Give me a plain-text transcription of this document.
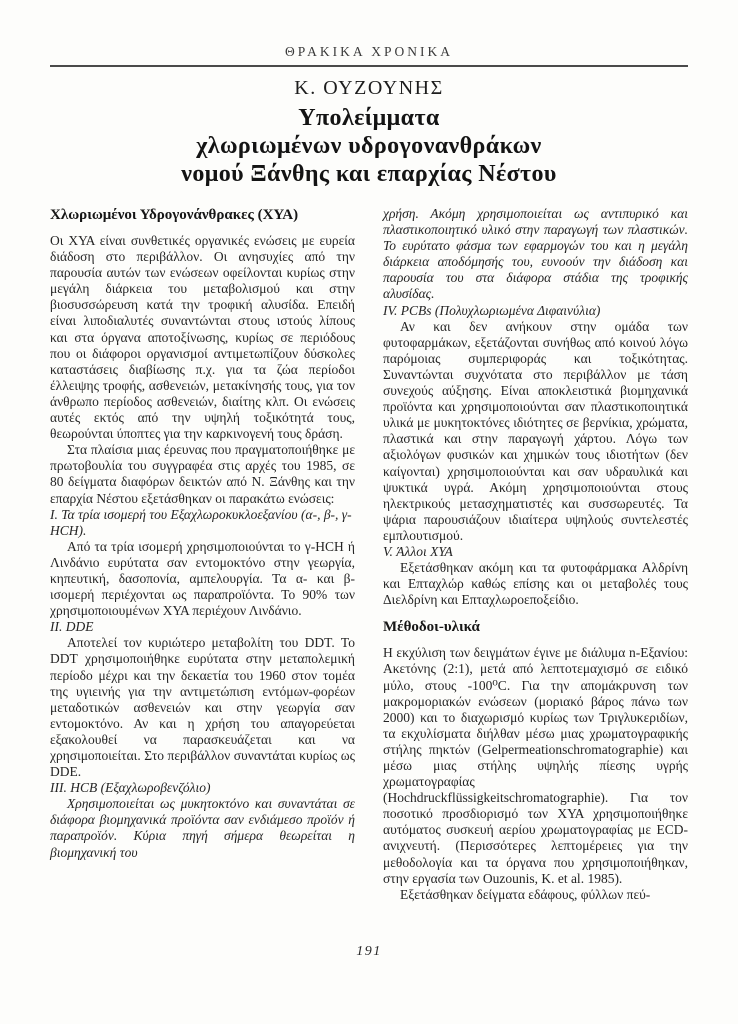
ΘΡΑΚΙΚΑ ΧΡΟΝΙΚΑ
Κ. ΟΥΖΟΥΝΗΣ
Υπολείμματα
χλωριωμένων υδρογονανθράκων
νομού Ξάνθης και επαρχίας Νέστου
Χλωριωμένοι Υδρογονάνθρακες (ΧΥΑ)

Οι ΧΥΑ είναι συνθετικές οργανικές ενώσεις με ευρεία διάδοση στο περιβάλλον. Οι ανησυχίες από την παρουσία αυτών των ενώσεων οφείλονται κυρίως στην μεγάλη διάρκεια του μεταβολισμού και στην βιοσυσσώρευση κατά την τροφική αλυσίδα. Επειδή είναι λιποδιαλυτές συναντώνται στους ιστούς λίπους και στα όργανα αποτοξίνωσης, κυρίως σε περιόδους που οι διάφοροι οργανισμοί αντιμετωπίζουν δύσκολες καταστάσεις διαβίωσης π.χ. για τα ζώα περίοδοι έλλειψης τροφής, ασθενειών, μετακίνησής τους, για τον άνθρωπο περίοδος ασθενειών, διαίτης κλπ. Οι ενώσεις αυτές εκτός από την υψηλή τοξικότητά τους, θεωρούνται ύποπτες για την καρκινογενή τους δράση.

Στα πλαίσια μιας έρευνας που πραγματοποιήθηκε με πρωτοβουλία του συγγραφέα στις αρχές του 1985, σε 80 δείγματα διαφόρων δεικτών από Ν. Ξάνθης και την επαρχία Νέστου εξετάσθηκαν οι παρακάτω ενώσεις:

Ι. Τα τρία ισομερή του Εξαχλωροκυκλοεξανίου (α-, β-, γ-HCH).

Από τα τρία ισομερή χρησιμοποιούνται το γ-HCH ή Λινδάνιο ευρύτατα σαν εντομοκτόνο στην γεωργία, κηπευτική, δασοπονία, αμπελουργία. Τα α- και β- ισομερή περιέχονται ως παραπροϊόντα. Το 90% των χρησιμοποιουμένων ΧΥΑ περιέχουν Λινδάνιο.

ΙΙ. DDE

Αποτελεί τον κυριώτερο μεταβολίτη του DDT. Το DDT χρησιμοποιήθηκε ευρύτατα στην μεταπολεμική περίοδο μέχρι και την δεκαετία του 1960 στον τομέα της υγιεινής για την αντιμετώπιση εντόμων-φορέων μεταδοτικών ασθενειών και στην γεωργία σαν εντομοκτόνο. Αν και η χρήση του απαγορεύεται εξακολουθεί να παρασκευάζεται και να χρησιμοποιείται. Στο περιβάλλον συναντάται κυρίως ως DDE.

ΙΙΙ. HCB (Εξαχλωροβενζόλιο)

Χρησιμοποιείται ως μυκητοκτόνο και συναντάται σε διάφορα βιομηχανικά προϊόντα σαν ενδιάμεσο προϊόν ή παραπροϊόν. Κύρια πηγή σήμερα θεωρείται η βιομηχανική του

χρήση. Ακόμη χρησιμοποιείται ως αντιπυρικό και πλαστικοποιητικό υλικό στην παραγωγή των πλαστικών. Το ευρύτατο φάσμα των εφαρμογών του και η μεγάλη διάρκεια αποδόμησής του, ευνοούν την διάδοση και παρουσία του στα διάφορα στάδια της τροφικής αλυσίδας.

IV. PCBs (Πολυχλωριωμένα Διφαινύλια)

Αν και δεν ανήκουν στην ομάδα των φυτοφαρμάκων, εξετάζονται συνήθως από κοινού λόγω παρόμοιας συμπεριφοράς και τοξικότητας. Συναντώνται συχνότατα στο περιβάλλον με τάση συνεχούς αύξησης. Είναι αποκλειστικά βιομηχανικά προϊόντα και χρησιμοποιούνται σαν πλαστικοποιητικά υλικά με μυκητοκτόνες ιδιότητες σε βερνίκια, χρώματα, πλαστικά και στην παραγωγή χάρτου. Λόγω των αξιολόγων φυσικών και χημικών τους ιδιοτήτων (δεν καίγονται) χρησιμοποιούνται και σαν υδραυλικά και ψυκτικά υγρά. Ακόμη χρησιμοποιούνται στους ηλεκτρικούς μετασχηματιστές και συσσωρευτές. Τα ψάρια παρουσιάζουν ιδιαίτερα υψηλούς συντελεστές εμπλουτισμού.

V. Άλλοι ΧΥΑ

Εξετάσθηκαν ακόμη και τα φυτοφάρμακα Αλδρίνη και Επταχλώρ καθώς επίσης και οι μεταβολές τους Διελδρίνη και Επταχλωροεποξείδιο.

Μέθοδοι-υλικά

Η εκχύλιση των δειγμάτων έγινε με διάλυμα n-Εξανίου: Ακετόνης (2:1), μετά από λεπτοτεμαχισμό σε ειδικό μύλο, στους -100⁰C. Για την απομάκρυνση των μακρομοριακών ενώσεων (μοριακό βάρος πάνω των 2000) και το διαχωρισμό κυρίως των Τριγλυκεριδίων, τα εκχυλίσματα διήλθαν μέσω μιας χρωματογραφικής στήλης πηκτών (Gelpermeationschromatographie) και μέσω μιας στήλης υψηλής πίεσης υγρής χρωματογραφίας (Hochdruckflüssigkeitschromatographie). Για τον ποσοτικό προσδιορισμό των ΧΥΑ χρησιμοποιήθηκε αυτόματος συσκευή αερίου χρωματογραφίας με ECD-ανιχνευτή. (Περισσότερες λεπτομέρειες για την μεθοδολογία και τα όργανα που χρησιμοποιήθηκαν, στην εργασία των Ouzounis, K. et al. 1985).

Εξετάσθηκαν δείγματα εδάφους, φύλλων πεύ-

191
